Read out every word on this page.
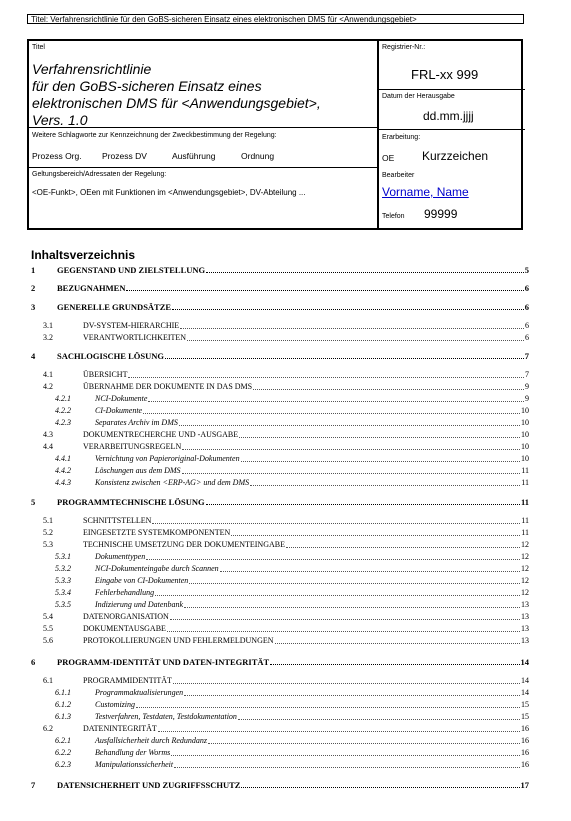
Titel: Verfahrensrichtlinie für den GoBS-sicheren Einsatz eines elektronischen DMS für <Anwendungsgebiet>
Titel
Verfahrensrichtlinie
für den GoBS-sicheren Einsatz eines
elektronischen DMS für <Anwendungsgebiet>,
Vers. 1.0
Registrier-Nr.:
FRL-xx 999
Datum der Herausgabe
dd.mm.jjjj
Weitere Schlagworte zur Kennzeichnung der Zweckbestimmung der Regelung:
Prozess Org. Prozess DV	Ausführung	Ordnung
Erarbeitung:
OE Kurzzeichen
Geltungsbereich/Adressaten der Regelung:
<OE-Funkt>, OEen mit Funktionen im <Anwendungsgebiet>, DV-Abteilung ...
Bearbeiter
Vorname, Name
Telefon 99999
Inhaltsverzeichnis
1	GEGENSTAND UND ZIELSTELLUNG	5
2	BEZUGNAHMEN	6
3	GENERELLE GRUNDSÄTZE	6
3.1	DV-SYSTEM-HIERARCHIE	6
3.2	VERANTWORTLICHKEITEN	6
4	SACHLOGISCHE LÖSUNG	7
4.1	ÜBERSICHT	7
4.2	ÜBERNAHME DER DOKUMENTE IN DAS DMS	9
4.2.1	NCI-Dokumente	9
4.2.2	CI-Dokumente	10
4.2.3	Separates Archiv im DMS	10
4.3	DOKUMENTRECHERCHE UND -AUSGABE	10
4.4	VERARBEITUNGSREGELN	10
4.4.1	Vernichtung von Papieroriginal-Dokumenten	10
4.4.2	Löschungen aus dem DMS	11
4.4.3	Konsistenz zwischen <ERP-AG> und dem DMS	11
5	PROGRAMMTECHNISCHE LÖSUNG	11
5.1	SCHNITTSTELLEN	11
5.2	EINGESETZTE SYSTEMKOMPONENTEN	11
5.3	TECHNISCHE UMSETZUNG DER DOKUMENTEINGABE	12
5.3.1	Dokumenttypen	12
5.3.2	NCI-Dokumenteingabe durch Scannen	12
5.3.3	Eingabe von CI-Dokumenten	12
5.3.4	Fehlerbehandlung	12
5.3.5	Indizierung und Datenbank	13
5.4	DATENORGANISATION	13
5.5	DOKUMENTAUSGABE	13
5.6	PROTOKOLLIERUNGEN UND FEHLERMELDUNGEN	13
6	PROGRAMM-IDENTITÄT UND DATEN-INTEGRITÄT	14
6.1	PROGRAMMIDENTITÄT	14
6.1.1	Programmaktualisierungen	14
6.1.2	Customizing	15
6.1.3	Testverfahren, Testdaten, Testdokumentation	15
6.2	DATENINTEGRITÄT	16
6.2.1	Ausfallsicherheit durch Redundanz	16
6.2.2	Behandlung der Worms	16
6.2.3	Manipulationssicherheit	16
7	DATENSICHERHEIT UND ZUGRIFFSSCHUTZ	17
